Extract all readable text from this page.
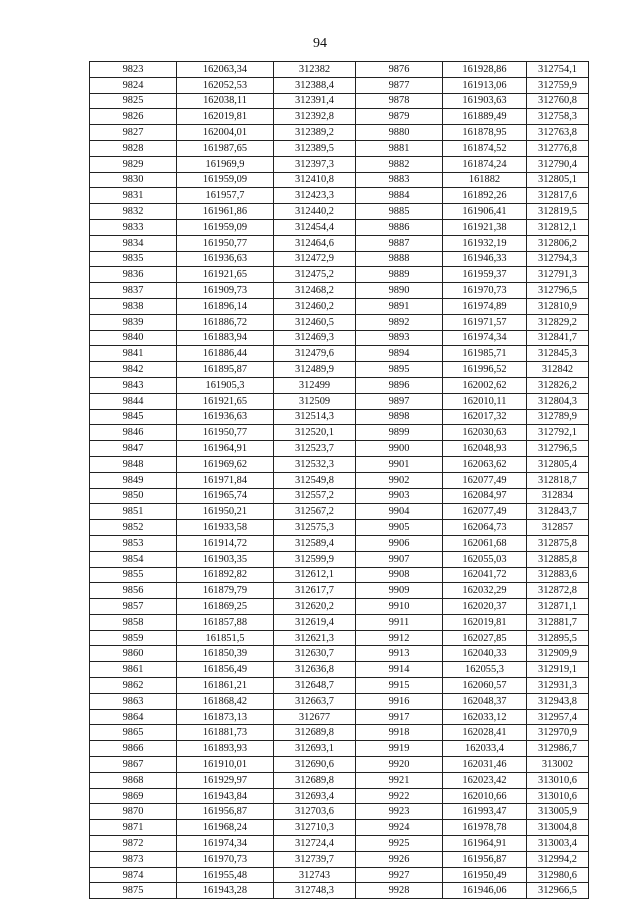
94
9823	162063,34	312382	9876	161928,86	312754,1
9824	162052,53	312388,4	9877	161913,06	312759,9
9825	162038,11	312391,4	9878	161903,63	312760,8
9826	162019,81	312392,8	9879	161889,49	312758,3
9827	162004,01	312389,2	9880	161878,95	312763,8
9828	161987,65	312389,5	9881	161874,52	312776,8
9829	161969,9	312397,3	9882	161874,24	312790,4
9830	161959,09	312410,8	9883	161882	312805,1
9831	161957,7	312423,3	9884	161892,26	312817,6
9832	161961,86	312440,2	9885	161906,41	312819,5
9833	161959,09	312454,4	9886	161921,38	312812,1
9834	161950,77	312464,6	9887	161932,19	312806,2
9835	161936,63	312472,9	9888	161946,33	312794,3
9836	161921,65	312475,2	9889	161959,37	312791,3
9837	161909,73	312468,2	9890	161970,73	312796,5
9838	161896,14	312460,2	9891	161974,89	312810,9
9839	161886,72	312460,5	9892	161971,57	312829,2
9840	161883,94	312469,3	9893	161974,34	312841,7
9841	161886,44	312479,6	9894	161985,71	312845,3
9842	161895,87	312489,9	9895	161996,52	312842
9843	161905,3	312499	9896	162002,62	312826,2
9844	161921,65	312509	9897	162010,11	312804,3
9845	161936,63	312514,3	9898	162017,32	312789,9
9846	161950,77	312520,1	9899	162030,63	312792,1
9847	161964,91	312523,7	9900	162048,93	312796,5
9848	161969,62	312532,3	9901	162063,62	312805,4
9849	161971,84	312549,8	9902	162077,49	312818,7
9850	161965,74	312557,2	9903	162084,97	312834
9851	161950,21	312567,2	9904	162077,49	312843,7
9852	161933,58	312575,3	9905	162064,73	312857
9853	161914,72	312589,4	9906	162061,68	312875,8
9854	161903,35	312599,9	9907	162055,03	312885,8
9855	161892,82	312612,1	9908	162041,72	312883,6
9856	161879,79	312617,7	9909	162032,29	312872,8
9857	161869,25	312620,2	9910	162020,37	312871,1
9858	161857,88	312619,4	9911	162019,81	312881,7
9859	161851,5	312621,3	9912	162027,85	312895,5
9860	161850,39	312630,7	9913	162040,33	312909,9
9861	161856,49	312636,8	9914	162055,3	312919,1
9862	161861,21	312648,7	9915	162060,57	312931,3
9863	161868,42	312663,7	9916	162048,37	312943,8
9864	161873,13	312677	9917	162033,12	312957,4
9865	161881,73	312689,8	9918	162028,41	312970,9
9866	161893,93	312693,1	9919	162033,4	312986,7
9867	161910,01	312690,6	9920	162031,46	313002
9868	161929,97	312689,8	9921	162023,42	313010,6
9869	161943,84	312693,4	9922	162010,66	313010,6
9870	161956,87	312703,6	9923	161993,47	313005,9
9871	161968,24	312710,3	9924	161978,78	313004,8
9872	161974,34	312724,4	9925	161964,91	313003,4
9873	161970,73	312739,7	9926	161956,87	312994,2
9874	161955,48	312743	9927	161950,49	312980,6
9875	161943,28	312748,3	9928	161946,06	312966,5
